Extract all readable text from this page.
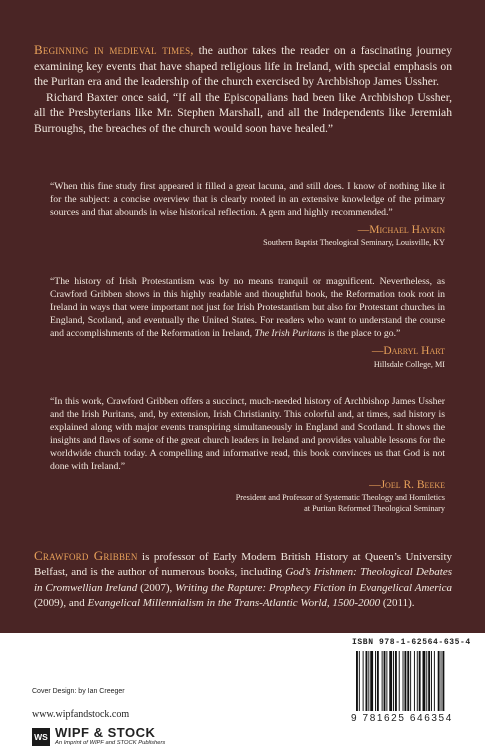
Beginning in medieval times, the author takes the reader on a fascinating journey examining key events that have shaped religious life in Ireland, with special emphasis on the Puritan era and the leadership of the church exercised by Archbishop James Ussher.

Richard Baxter once said, “If all the Episcopalians had been like Archbishop Ussher, all the Presbyterians like Mr. Stephen Marshall, and all the Independents like Jeremiah Burroughs, the breaches of the church would soon have healed.”

“When this fine study first appeared it filled a great lacuna, and still does. I know of nothing like it for the subject: a concise overview that is clearly rooted in an extensive knowledge of the primary sources and that abounds in wise historical reflection. A gem and highly recommended.”

—Michael Haykin
Southern Baptist Theological Seminary, Louisville, KY

“The history of Irish Protestantism was by no means tranquil or magnificent. Nevertheless, as Crawford Gribben shows in this highly readable and thoughtful book, the Reformation took root in Ireland in ways that were important not just for Irish Protestantism but also for Protestant churches in England, Scotland, and eventually the United States. For readers who want to understand the course and accomplishments of the Reformation in Ireland, The Irish Puritans is the place to go.”

—Darryl Hart
Hillsdale College, MI

“In this work, Crawford Gribben offers a succinct, much-needed history of Archbishop James Ussher and the Irish Puritans, and, by extension, Irish Christianity. This colorful and, at times, sad history is explained along with major events transpiring simultaneously in England and Scotland. It shows the insights and flaws of some of the great church leaders in Ireland and provides valuable lessons for the worldwide church today. A compelling and informative read, this book convinces us that God is not done with Ireland.”

—Joel R. Beeke
President and Professor of Systematic Theology and Homiletics
at Puritan Reformed Theological Seminary

Crawford Gribben is professor of Early Modern British History at Queen’s University Belfast, and is the author of numerous books, including God’s Irishmen: Theological Debates in Cromwellian Ireland (2007), Writing the Rapture: Prophecy Fiction in Evangelical America (2009), and Evangelical Millennialism in the Trans-Atlantic World, 1500-2000 (2011).

Cover Design: by Ian Creeger
www.wipfandstock.com
WS WIPF & STOCK
An Imprint of WIPF and STOCK Publishers
ISBN 978-1-62564-635-4
9 781625 646354
